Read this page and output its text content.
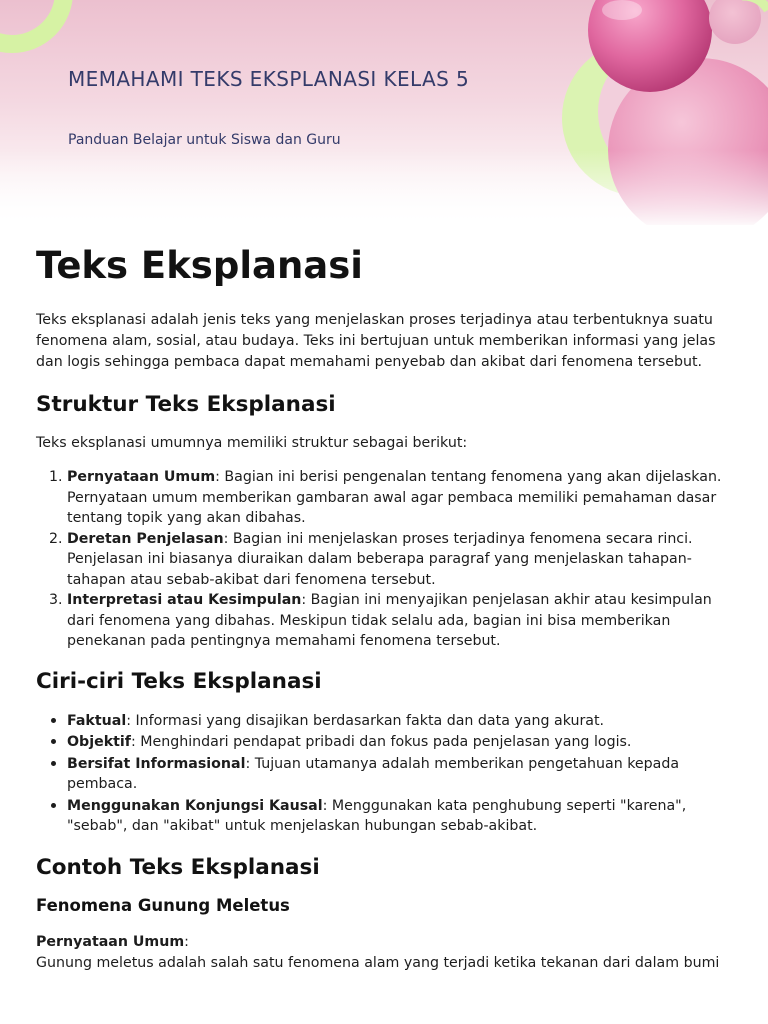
MEMAHAMI TEKS EKSPLANASI KELAS 5

Panduan Belajar untuk Siswa dan Guru

Teks Eksplanasi

Teks eksplanasi adalah jenis teks yang menjelaskan proses terjadinya atau terbentuknya suatu fenomena alam, sosial, atau budaya. Teks ini bertujuan untuk memberikan informasi yang jelas dan logis sehingga pembaca dapat memahami penyebab dan akibat dari fenomena tersebut.

Struktur Teks Eksplanasi

Teks eksplanasi umumnya memiliki struktur sebagai berikut:

1. Pernyataan Umum: Bagian ini berisi pengenalan tentang fenomena yang akan dijelaskan. Pernyataan umum memberikan gambaran awal agar pembaca memiliki pemahaman dasar tentang topik yang akan dibahas.
2. Deretan Penjelasan: Bagian ini menjelaskan proses terjadinya fenomena secara rinci. Penjelasan ini biasanya diuraikan dalam beberapa paragraf yang menjelaskan tahapan-tahapan atau sebab-akibat dari fenomena tersebut.
3. Interpretasi atau Kesimpulan: Bagian ini menyajikan penjelasan akhir atau kesimpulan dari fenomena yang dibahas. Meskipun tidak selalu ada, bagian ini bisa memberikan penekanan pada pentingnya memahami fenomena tersebut.
Ciri-ciri Teks Eksplanasi
• Faktual: Informasi yang disajikan berdasarkan fakta dan data yang akurat.
• Objektif: Menghindari pendapat pribadi dan fokus pada penjelasan yang logis.
• Bersifat Informasional: Tujuan utamanya adalah memberikan pengetahuan kepada pembaca.
• Menggunakan Konjungsi Kausal: Menggunakan kata penghubung seperti "karena", "sebab", dan "akibat" untuk menjelaskan hubungan sebab-akibat.
Contoh Teks Eksplanasi
Fenomena Gunung Meletus

Pernyataan Umum:

Gunung meletus adalah salah satu fenomena alam yang terjadi ketika tekanan dari dalam bumi
